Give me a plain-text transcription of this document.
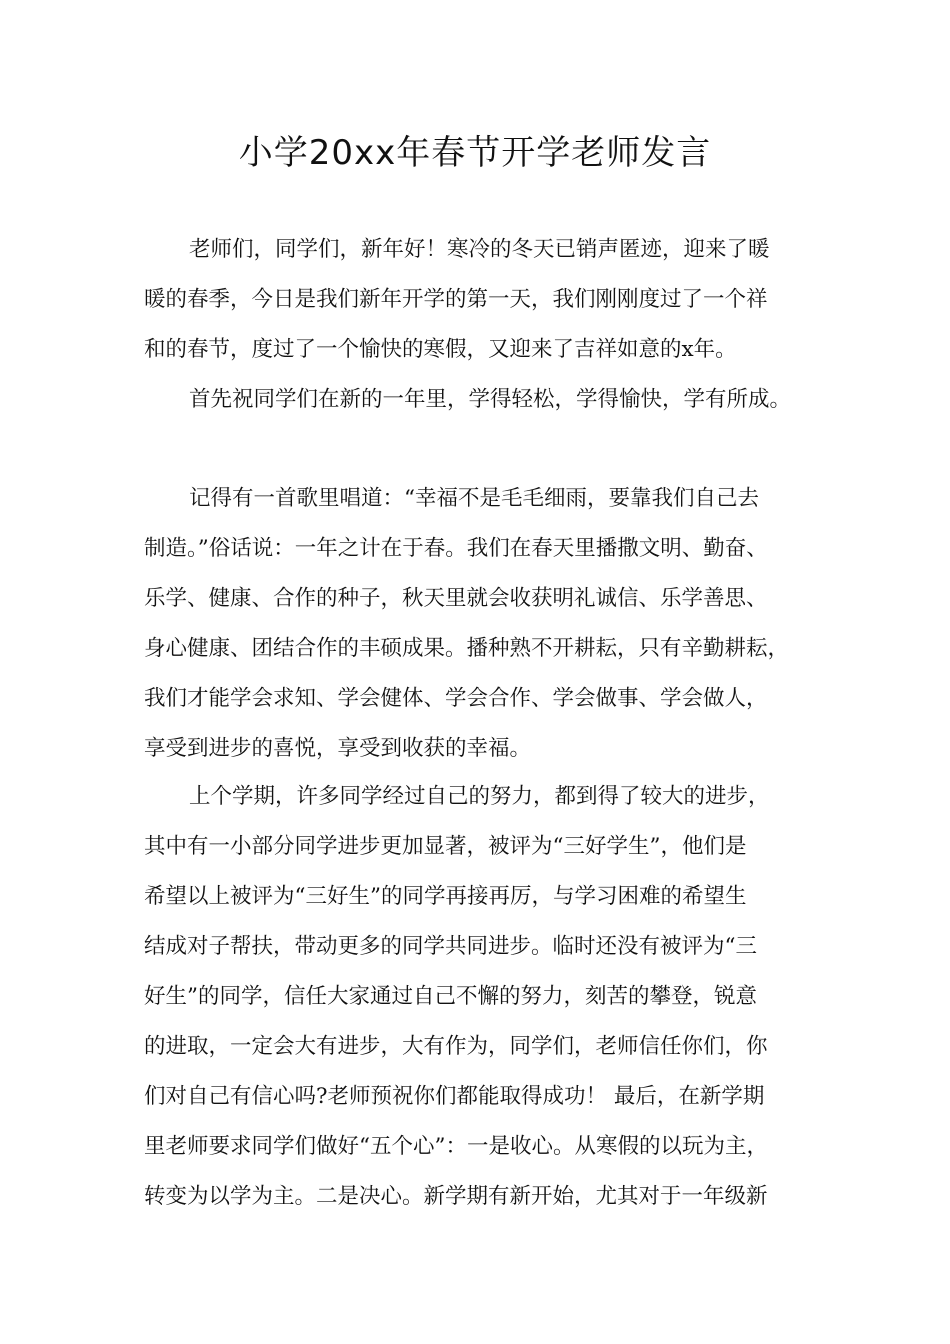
小学20xx年春节开学老师发言

老师们，同学们，新年好！寒冷的冬天已销声匿迹，迎来了暖
暖的春季，今日是我们新年开学的第一天，我们刚刚度过了一个祥
和的春节，度过了一个愉快的寒假，又迎来了吉祥如意的x年。

首先祝同学们在新的一年里，学得轻松，学得愉快，学有所成。

记得有一首歌里唱道：“幸福不是毛毛细雨，要靠我们自己去
制造。”俗话说：一年之计在于春。我们在春天里播撒文明、勤奋、
乐学、健康、合作的种子，秋天里就会收获明礼诚信、乐学善思、
身心健康、团结合作的丰硕成果。播种熟不开耕耘，只有辛勤耕耘，
我们才能学会求知、学会健体、学会合作、学会做事、学会做人，
享受到进步的喜悦，享受到收获的幸福。

上个学期，许多同学经过自己的努力，都到得了较大的进步，
其中有一小部分同学进步更加显著，被评为“三好学生”，他们是
希望以上被评为“三好生”的同学再接再厉，与学习困难的希望生
结成对子帮扶，带动更多的同学共同进步。临时还没有被评为“三
好生”的同学，信任大家通过自己不懈的努力，刻苦的攀登，锐意
的进取，一定会大有进步，大有作为，同学们，老师信任你们，你
们对自己有信心吗?老师预祝你们都能取得成功！ 最后，在新学期
里老师要求同学们做好“五个心”：一是收心。从寒假的以玩为主，
转变为以学为主。二是决心。新学期有新开始，尤其对于一年级新
